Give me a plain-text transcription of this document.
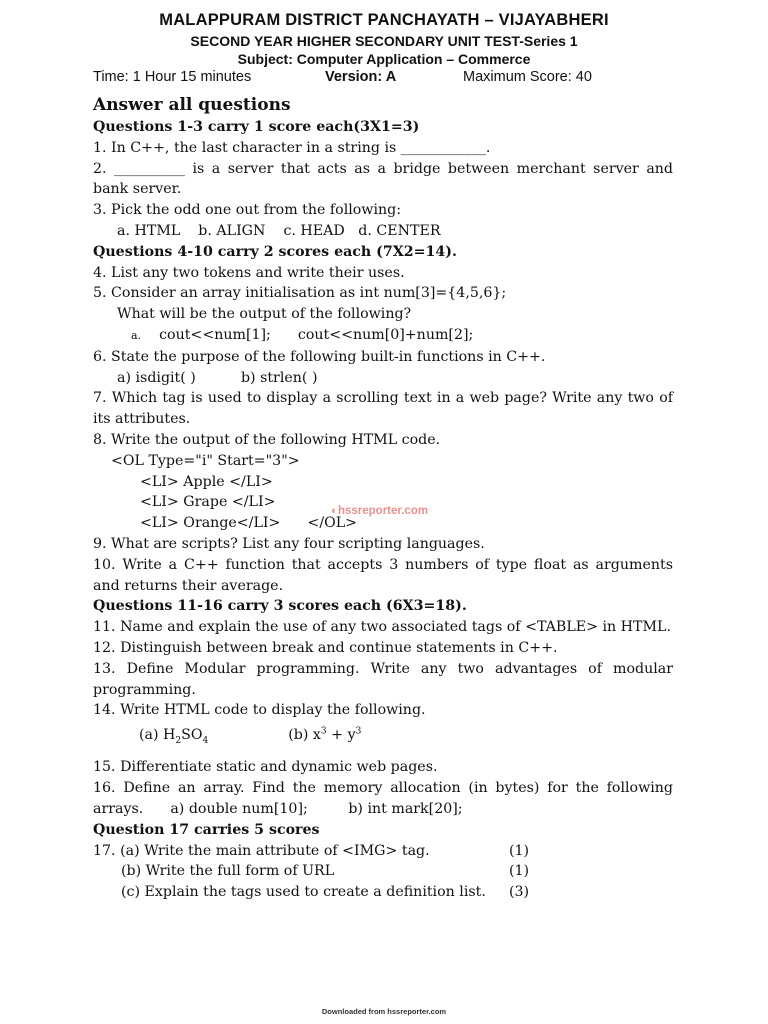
MALAPPURAM DISTRICT PANCHAYATH – VIJAYABHERI
SECOND YEAR HIGHER SECONDARY UNIT TEST-Series 1
Subject: Computer Application – Commerce
Time: 1 Hour 15 minutes	Version: A	Maximum Score: 40

Answer all questions

Questions 1-3 carry 1 score each(3X1=3)

1. In C++, the last character in a string is ____________.

2. __________ is a server that acts as a bridge between merchant server and bank server.

3. Pick the odd one out from the following:

a. HTML    b. ALIGN    c. HEAD   d. CENTER

Questions 4-10 carry 2 scores each (7X2=14).

4. List any two tokens and write their uses.

5. Consider an array initialisation as int num[3]={4,5,6};

What will be the output of the following?

a. cout<<num[1];      cout<<num[0]+num[2];

6. State the purpose of the following built-in functions in C++.

a) isdigit( )          b) strlen( )

7. Which tag is used to display a scrolling text in a web page? Write any two of its attributes.

8. Write the output of the following HTML code.

<OL Type="i" Start="3">

<LI> Apple </LI>

<LI> Grape </LI>

<LI> Orange</LI>      </OL>

9. What are scripts? List any four scripting languages.

10. Write a C++ function that accepts 3 numbers of type float as arguments and returns their average.

Questions 11-16 carry 3 scores each (6X3=18).

11. Name and explain the use of any two associated tags of <TABLE> in HTML.

12. Distinguish between break and continue statements in C++.

13. Define Modular programming. Write any two advantages of modular programming.

14. Write HTML code to display the following.

(a) $H_2SO_4$	(b) $x^3 + y^3$

15. Differentiate static and dynamic web pages.

16. Define an array. Find the memory allocation (in bytes) for the following arrays.      a) double num[10];         b) int mark[20];

Question 17 carries 5 scores

17. (a) Write the main attribute of <IMG> tag.	(1)

(b) Write the full form of URL	(1)

(c) Explain the tags used to create a definition list. (3)

◐hssreporter.com
Downloaded from hssreporter.com
